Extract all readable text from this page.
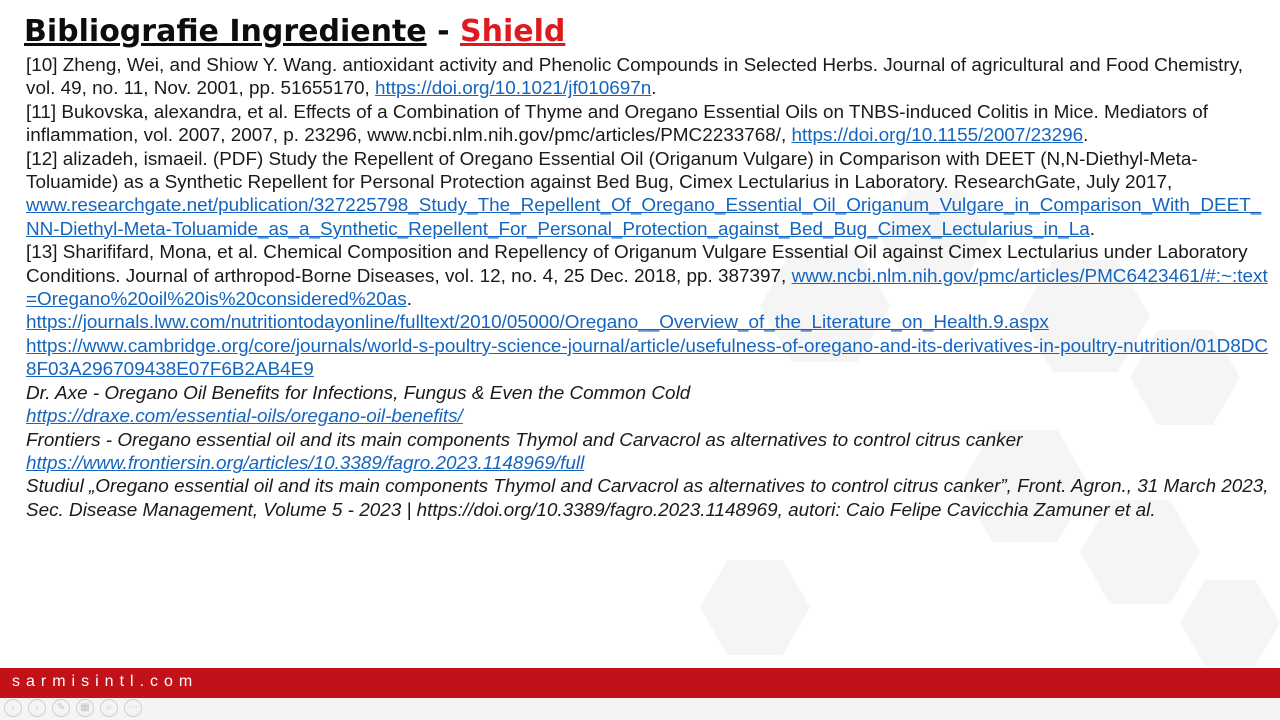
Bibliografie Ingrediente - Shield

[10] Zheng, Wei, and Shiow Y. Wang. antioxidant activity and Phenolic Compounds in Selected Herbs. Journal of agricultural and Food Chemistry, vol. 49, no. 11, Nov. 2001, pp. 51655170, https://doi.org/10.1021/jf010697n.

[11] Bukovska, alexandra, et al. Effects of a Combination of Thyme and Oregano Essential Oils on TNBS-induced Colitis in Mice. Mediators of inflammation, vol. 2007, 2007, p. 23296, www.ncbi.nlm.nih.gov/pmc/articles/PMC2233768/, https://doi.org/10.1155/2007/23296.

[12] alizadeh, ismaeil. (PDF) Study the Repellent of Oregano Essential Oil (Origanum Vulgare) in Comparison with DEET (N,N-Diethyl-Meta-Toluamide) as a Synthetic Repellent for Personal Protection against Bed Bug, Cimex Lectularius in Laboratory. ResearchGate, July 2017,
www.researchgate.net/publication/327225798_Study_The_Repellent_Of_Oregano_Essential_Oil_Origanum_Vulgare_in_Comparison_With_DEET_NN-Diethyl-Meta-Toluamide_as_a_Synthetic_Repellent_For_Personal_Protection_against_Bed_Bug_Cimex_Lectularius_in_La.

[13] Sharififard, Mona, et al. Chemical Composition and Repellency of Origanum Vulgare Essential Oil against Cimex Lectularius under Laboratory Conditions. Journal of arthropod-Borne Diseases, vol. 12, no. 4, 25 Dec. 2018, pp. 387397, www.ncbi.nlm.nih.gov/pmc/articles/PMC6423461/#:~:text=Oregano%20oil%20is%20considered%20as.

https://journals.lww.com/nutritiontodayonline/fulltext/2010/05000/Oregano__Overview_of_the_Literature_on_Health.9.aspx

https://www.cambridge.org/core/journals/world-s-poultry-science-journal/article/usefulness-of-oregano-and-its-derivatives-in-poultry-nutrition/01D8DC8F03A296709438E07F6B2AB4E9

Dr. Axe - Oregano Oil Benefits for Infections, Fungus & Even the Common Cold

https://draxe.com/essential-oils/oregano-oil-benefits/

Frontiers - Oregano essential oil and its main components Thymol and Carvacrol as alternatives to control citrus canker

https://www.frontiersin.org/articles/10.3389/fagro.2023.1148969/full

Studiul „Oregano essential oil and its main components Thymol and Carvacrol as alternatives to control citrus canker”, Front. Agron., 31 March 2023, Sec. Disease Management, Volume 5 - 2023 | https://doi.org/10.3389/fagro.2023.1148969, autori: Caio Felipe Cavicchia Zamuner et al.

sarmisintl.com
‹	›	✎	▦	⌕	⋯
